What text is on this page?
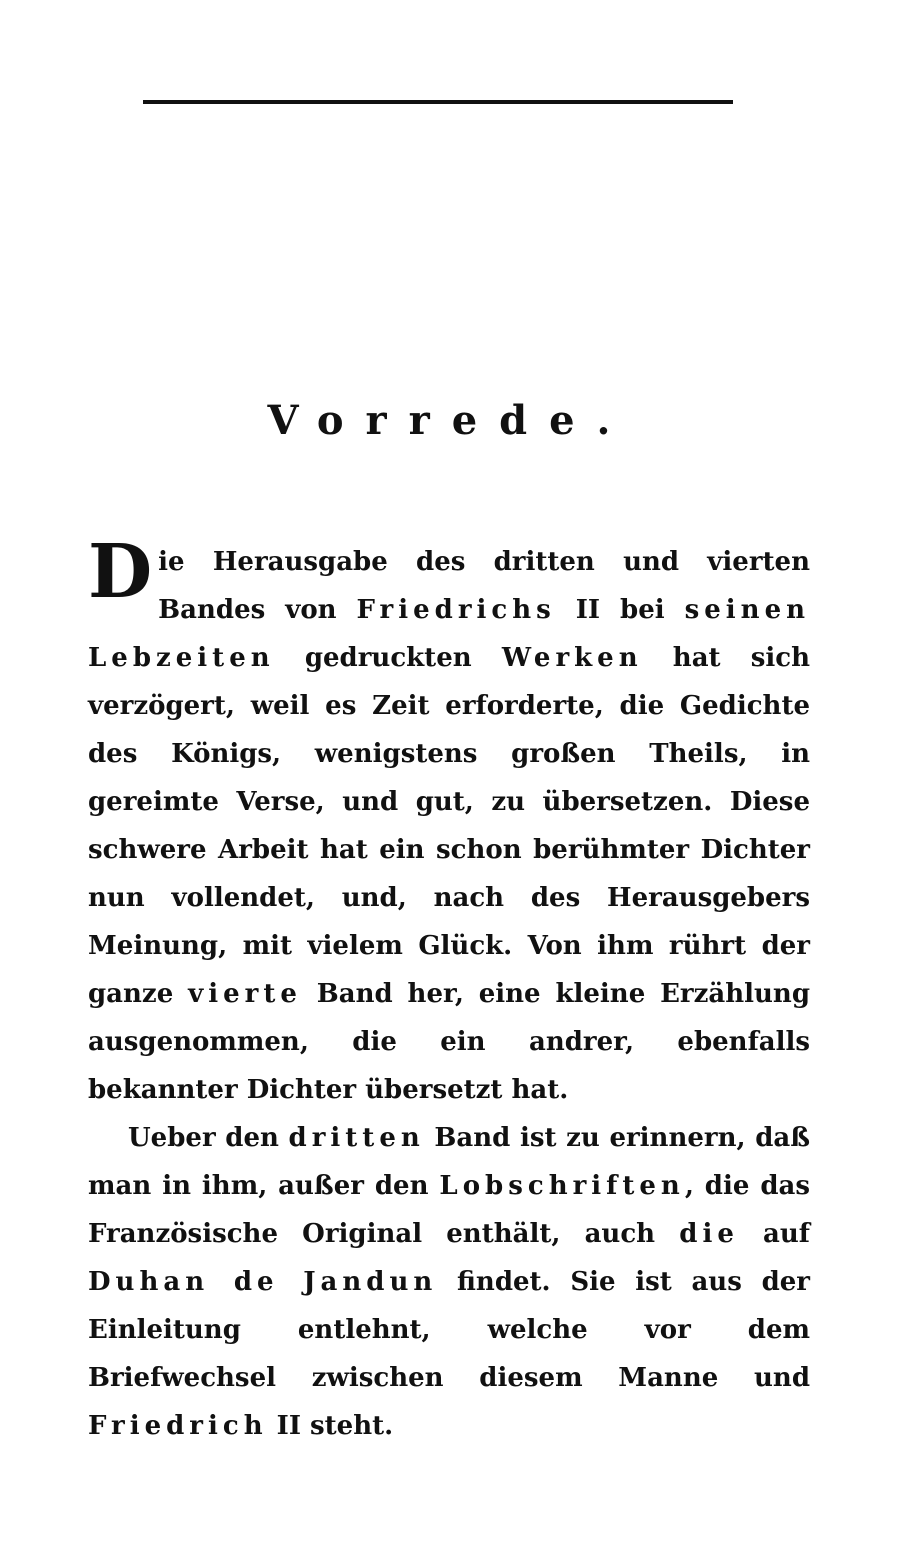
Vorrede.

Die Herausgabe des dritten und vierten Bandes von Friedrichs II bei seinen Lebzeiten gedruckten Werken hat sich verzögert, weil es Zeit erforderte, die Gedichte des Königs, wenigstens großen Theils, in gereimte Verse, und gut, zu übersetzen. Diese schwere Arbeit hat ein schon berühmter Dichter nun vollendet, und, nach des Herausgebers Meinung, mit vielem Glück. Von ihm rührt der ganze vierte Band her, eine kleine Erzählung ausgenommen, die ein andrer, ebenfalls bekannter Dichter übersetzt hat.

Ueber den dritten Band ist zu erinnern, daß man in ihm, außer den Lobschriften, die das Französische Original enthält, auch die auf Duhan de Jandun findet. Sie ist aus der Einleitung entlehnt, welche vor dem Briefwechsel zwischen diesem Manne und Friedrich II steht.
